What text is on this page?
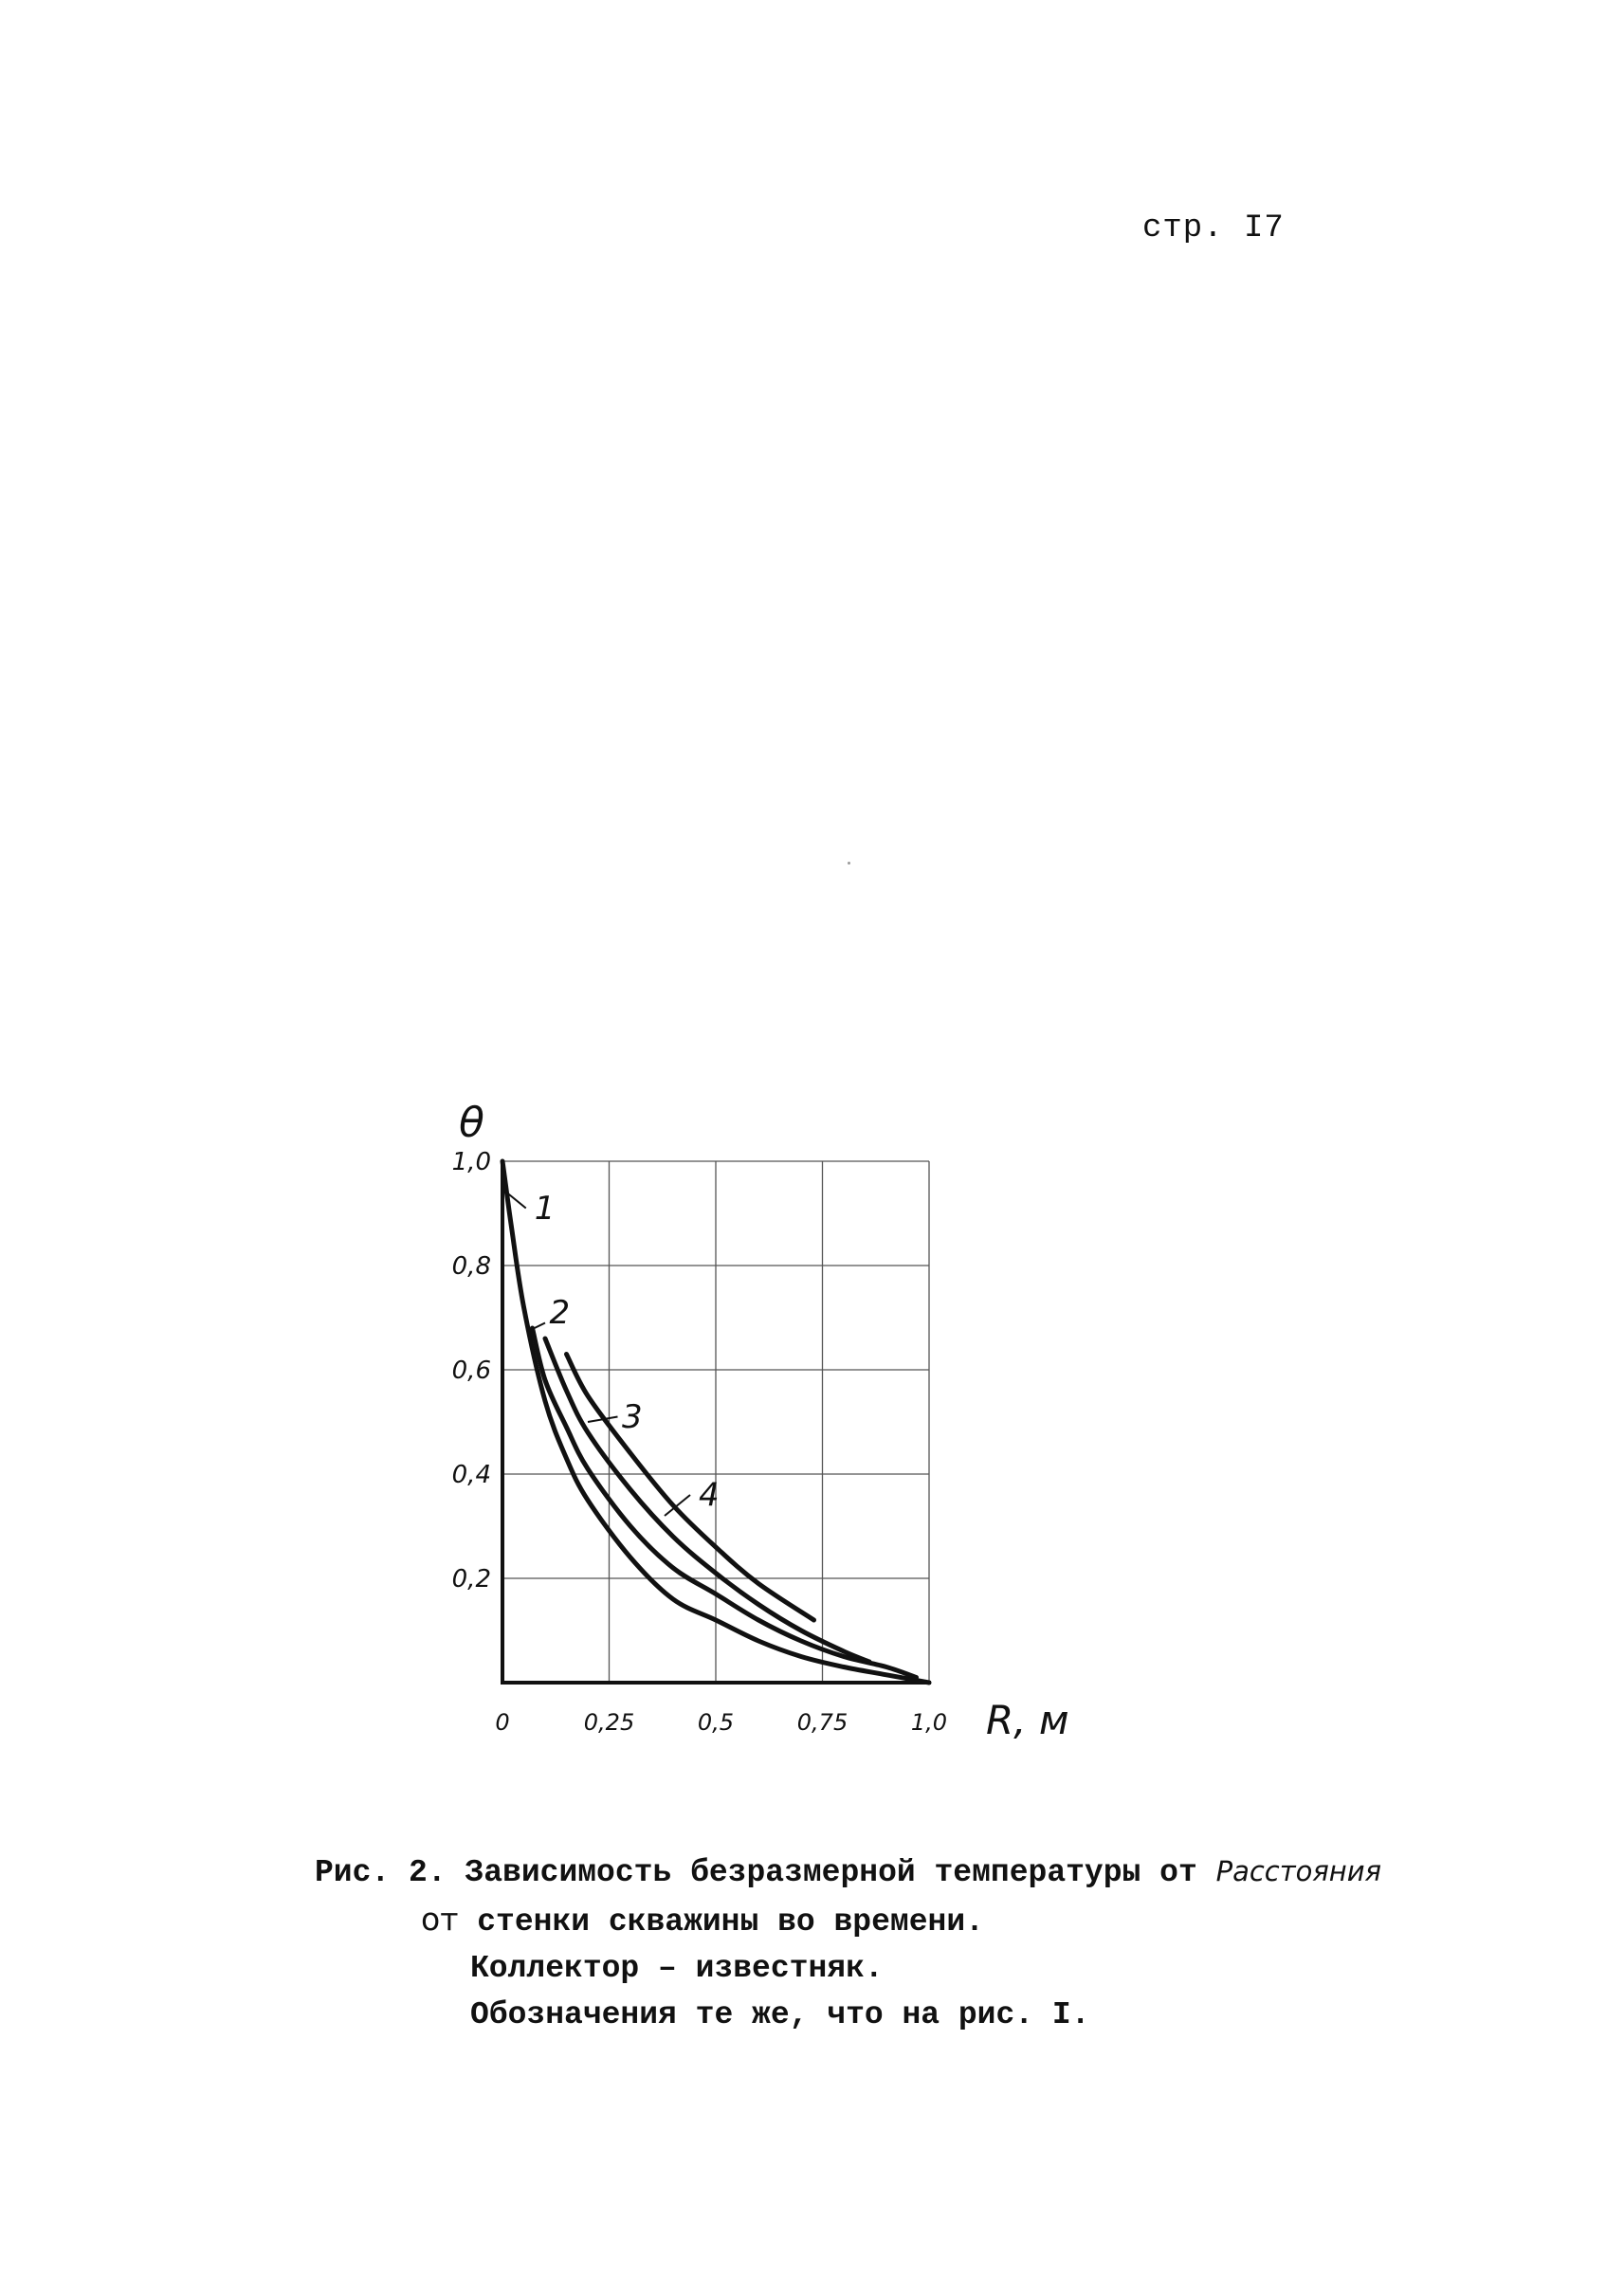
стр. I7
0	0,25	0,5	0,75	1,0
0,2
0,4
0,6
0,8
1,0
θ
R, м
1
2
3
4
Рис. 2. Зависимость безразмерной температуры от Расстояния
от стенки скважины во времени.
Коллектор – известняк.
Обозначения те же, что на рис. I.
